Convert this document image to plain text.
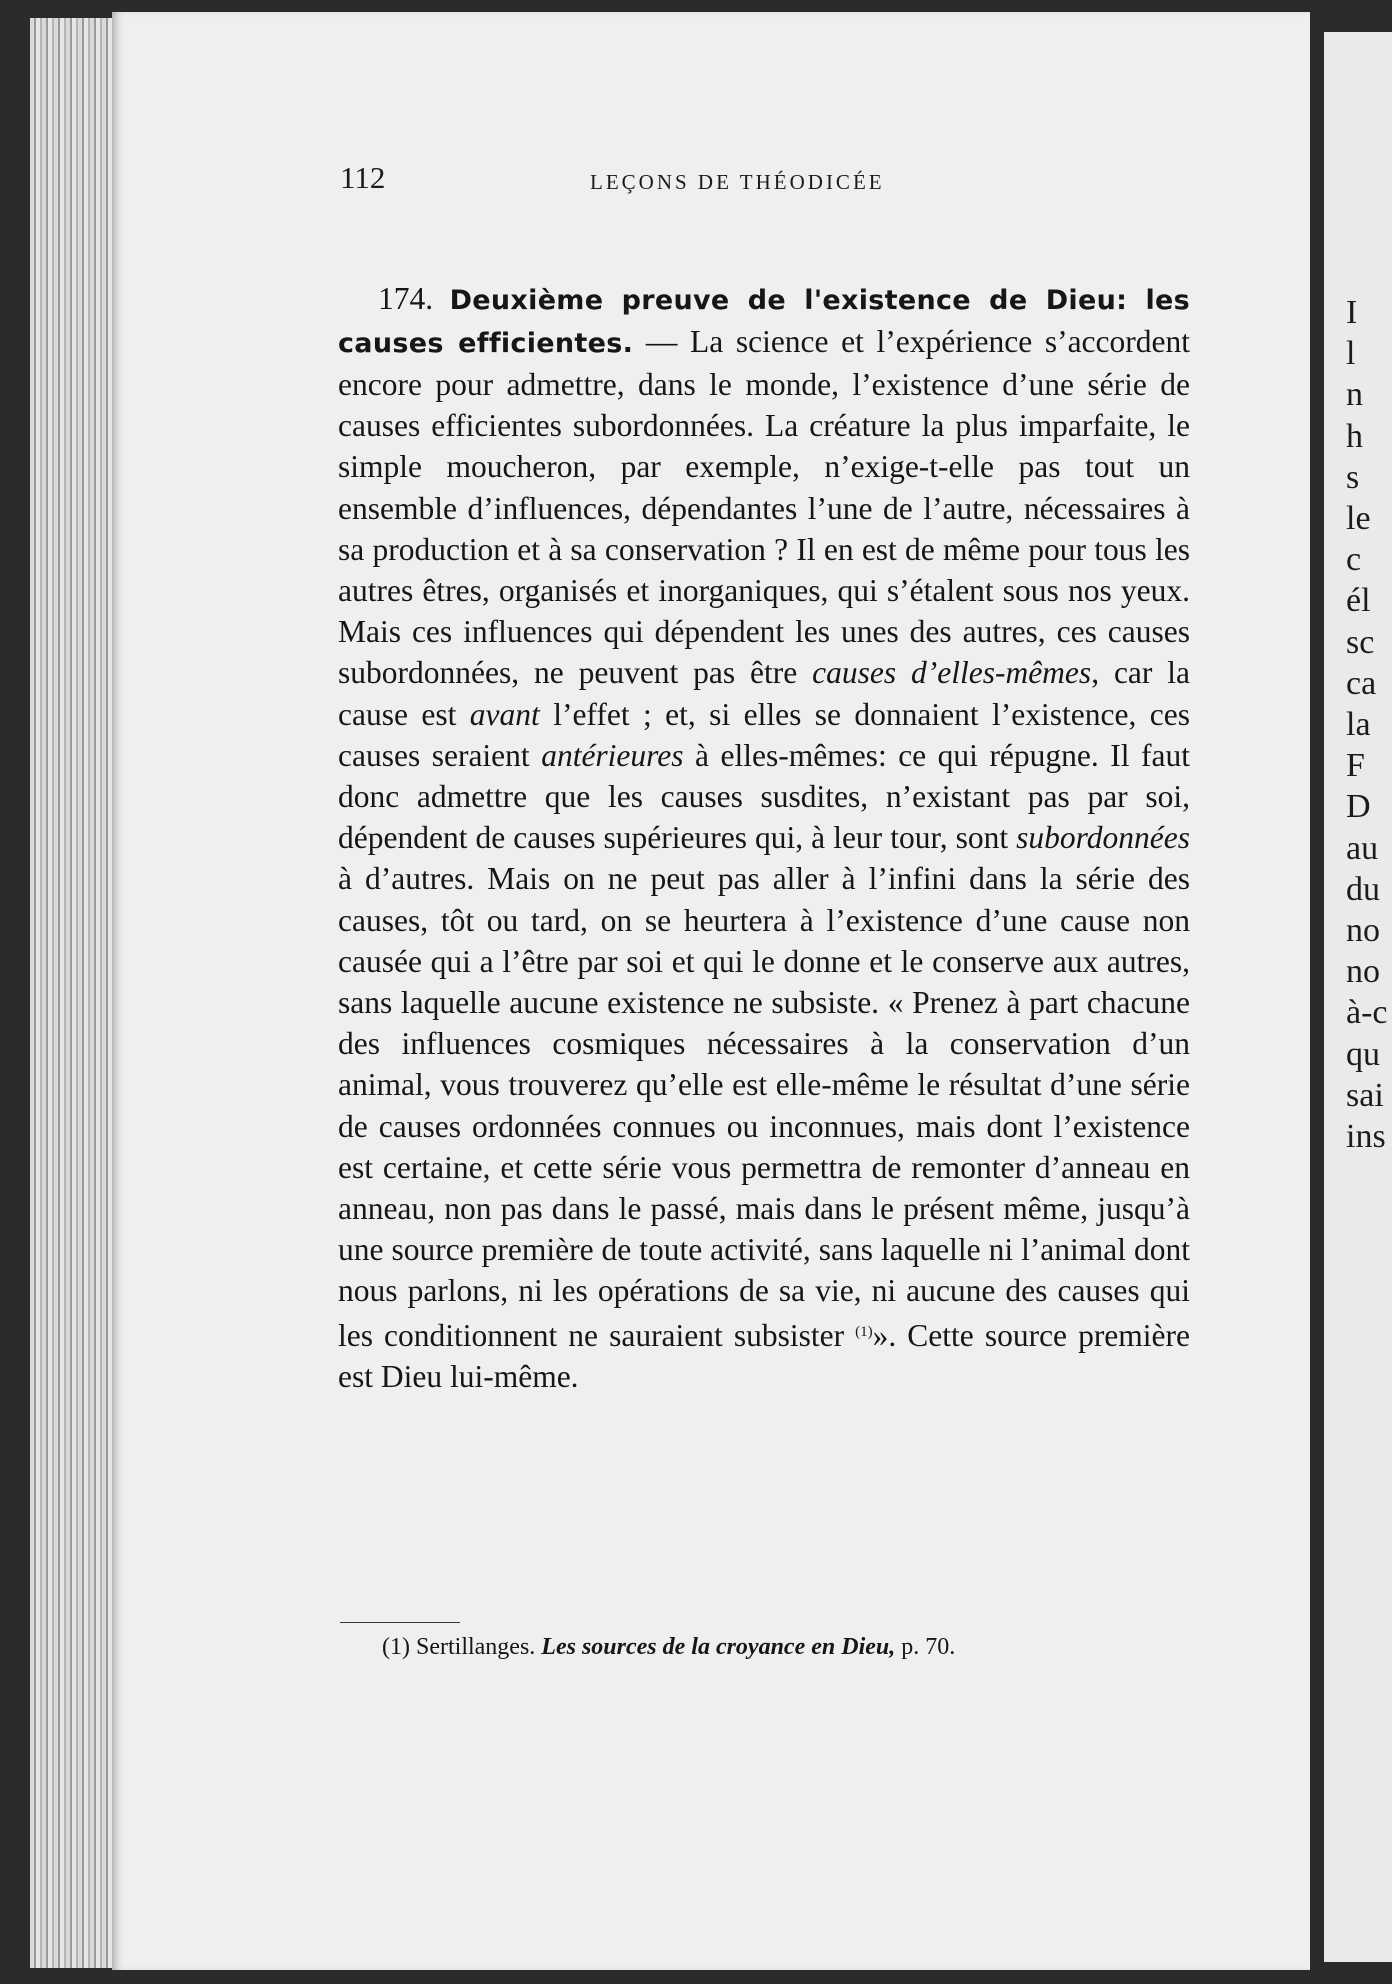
I
l
n
h
s
le
c
él
sc
ca
la
F
D
au
du
no
no
à-c
qu
sai
ins
112	LEÇONS DE THÉODICÉE

174. Deuxième preuve de l'existence de Dieu: les causes efficientes. — La science et l’expérience s’accordent encore pour admettre, dans le monde, l’existence d’une série de causes efficientes subordonnées. La créature la plus imparfaite, le simple moucheron, par exemple, n’exige-t-elle pas tout un ensemble d’influences, dépendantes l’une de l’autre, nécessaires à sa production et à sa conservation ? Il en est de même pour tous les autres êtres, organisés et inorganiques, qui s’étalent sous nos yeux. Mais ces influences qui dépendent les unes des autres, ces causes subordonnées, ne peuvent pas être causes d’elles-mêmes, car la cause est avant l’effet ; et, si elles se donnaient l’existence, ces causes seraient antérieures à elles-mêmes: ce qui répugne. Il faut donc admettre que les causes susdites, n’existant pas par soi, dépendent de causes supérieures qui, à leur tour, sont subordonnées à d’autres. Mais on ne peut pas aller à l’infini dans la série des causes, tôt ou tard, on se heurtera à l’existence d’une cause non causée qui a l’être par soi et qui le donne et le conserve aux autres, sans laquelle aucune existence ne subsiste. « Prenez à part chacune des influences cosmiques nécessaires à la conservation d’un animal, vous trouverez qu’elle est elle-même le résultat d’une série de causes ordonnées connues ou inconnues, mais dont l’existence est certaine, et cette série vous permettra de remonter d’anneau en anneau, non pas dans le passé, mais dans le présent même, jusqu’à une source première de toute activité, sans laquelle ni l’animal dont nous parlons, ni les opérations de sa vie, ni aucune des causes qui les conditionnent ne sauraient subsister $^{(1)}$». Cette source première est Dieu lui-même.

(1) Sertillanges. Les sources de la croyance en Dieu, p. 70.
